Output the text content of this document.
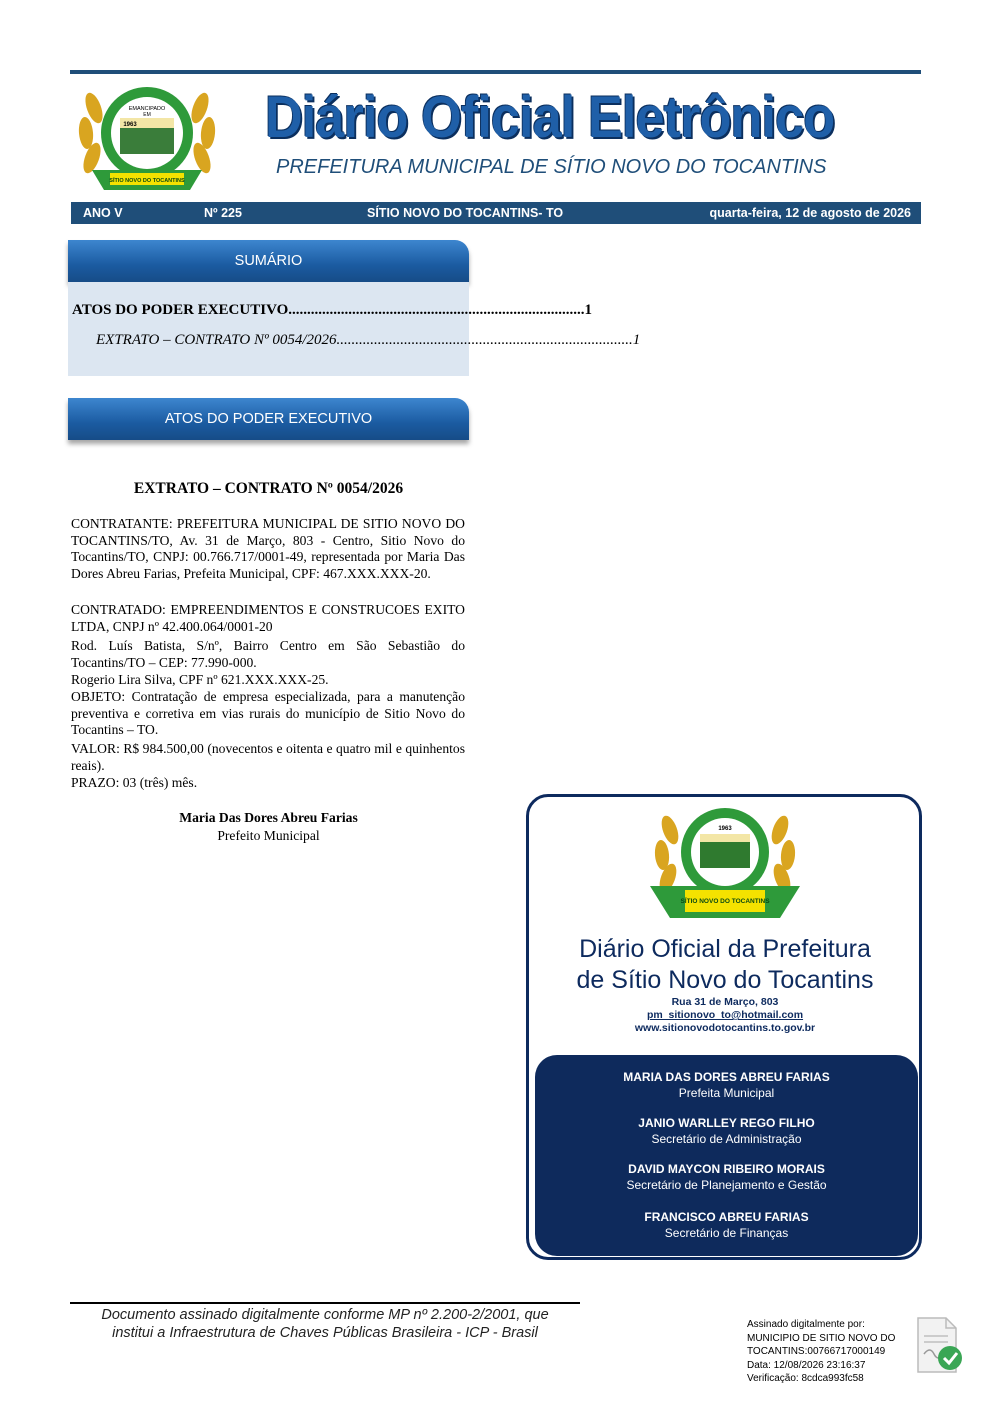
EMANCIPADO
EM
1963
SÍTIO NOVO DO TOCANTINS
Diário Oficial Eletrônico
PREFEITURA MUNICIPAL DE SÍTIO NOVO DO TOCANTINS
ANO V	Nº 225	SÍTIO NOVO DO TOCANTINS- TO	quarta-feira, 12 de agosto de 2026
SUMÁRIO
ATOS DO PODER EXECUTIVO ............................................................................... 1
EXTRATO – CONTRATO Nº 0054/2026 ............................................................................... 1
ATOS DO PODER EXECUTIVO
EXTRATO – CONTRATO Nº 0054/2026
CONTRATANTE: PREFEITURA MUNICIPAL DE SITIO NOVO DO TOCANTINS/TO, Av. 31 de Março, 803 - Centro, Sitio Novo do Tocantins/TO, CNPJ: 00.766.717/0001-49, representada por Maria Das Dores Abreu Farias, Prefeita Municipal, CPF: 467.XXX.XXX-20.
CONTRATADO: EMPREENDIMENTOS E CONSTRUCOES EXITO LTDA, CNPJ nº 42.400.064/0001-20
Rod. Luís Batista, S/nº, Bairro Centro em São Sebastião do Tocantins/TO – CEP: 77.990-000.
Rogerio Lira Silva, CPF nº 621.XXX.XXX-25.
OBJETO: Contratação de empresa especializada, para a manutenção preventiva e corretiva em vias rurais do município de Sitio Novo do Tocantins – TO.
VALOR: R$ 984.500,00 (novecentos e oitenta e quatro mil e quinhentos reais).
PRAZO: 03 (três) mês.
Maria Das Dores Abreu Farias
Prefeito Municipal	1963
SÍTIO NOVO DO TOCANTINS
Diário Oficial da Prefeitura
de Sítio Novo do Tocantins
Rua 31 de Março, 803
pm_sitionovo_to@hotmail.com
www.sitionovodotocantins.to.gov.br
MARIA DAS DORES ABREU FARIAS
Prefeita Municipal
JANIO WARLLEY REGO FILHO
Secretário de Administração
DAVID MAYCON RIBEIRO MORAIS
Secretário de Planejamento e Gestão
FRANCISCO ABREU FARIAS
Secretário de Finanças
Documento assinado digitalmente conforme MP nº 2.200-2/2001, que
institui a Infraestrutura de Chaves Públicas Brasileira - ICP - Brasil
Assinado digitalmente por:
MUNICIPIO DE SITIO NOVO DO
TOCANTINS:00766717000149
Data: 12/08/2026 23:16:37
Verificação: 8cdca993fc58
